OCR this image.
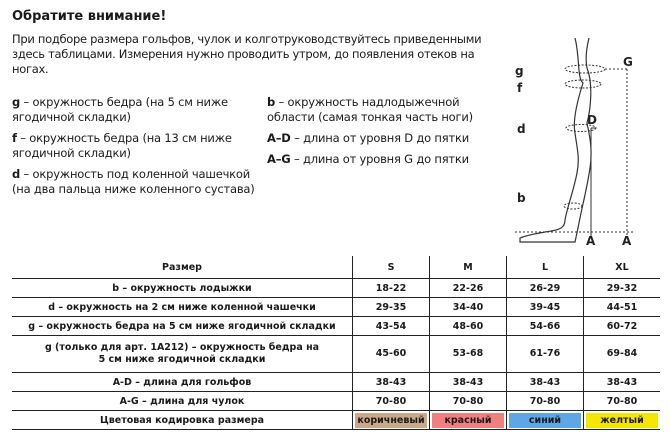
Обратите внимание!
При подборе размера гольфов, чулок и колготруководствуйтесь приведенными здесь таблицами. Измерения нужно проводить утром, до появления отеков на ногах.
g – окружность бедра (на 5 см ниже ягодичной складки)
f – окружность бедра (на 13 см ниже ягодичной складки)
d – окружность под коленной чашечкой (на два пальца ниже коленного сустава)
b – окружность надлодыжечной области (самая тонкая часть ноги)
A–D – длина от уровня D до пятки
A–G – длина от уровня G до пятки
g
f
d
b
G
D
A A
Размер	S	M	L	XL
b – окружность лодыжки	18-22	22-26	26-29	29-32
d – окружность на 2 см ниже коленной чашечки	29-35	34-40	39-45	44-51
g – окружность бедра на 5 см ниже ягодичной складки	43-54	48-60	54-66	60-72
g (только для арт. 1А212) – окружность бедра на 5 см ниже ягодичной складки	45-60	53-68	61-76	69-84
A-D – длина для гольфов	38-43	38-43	38-43	38-43
A-G – длина для чулок	70-80	70-80	70-80	70-80
Цветовая кодировка размера	коричневый	красный	синий	желтый
